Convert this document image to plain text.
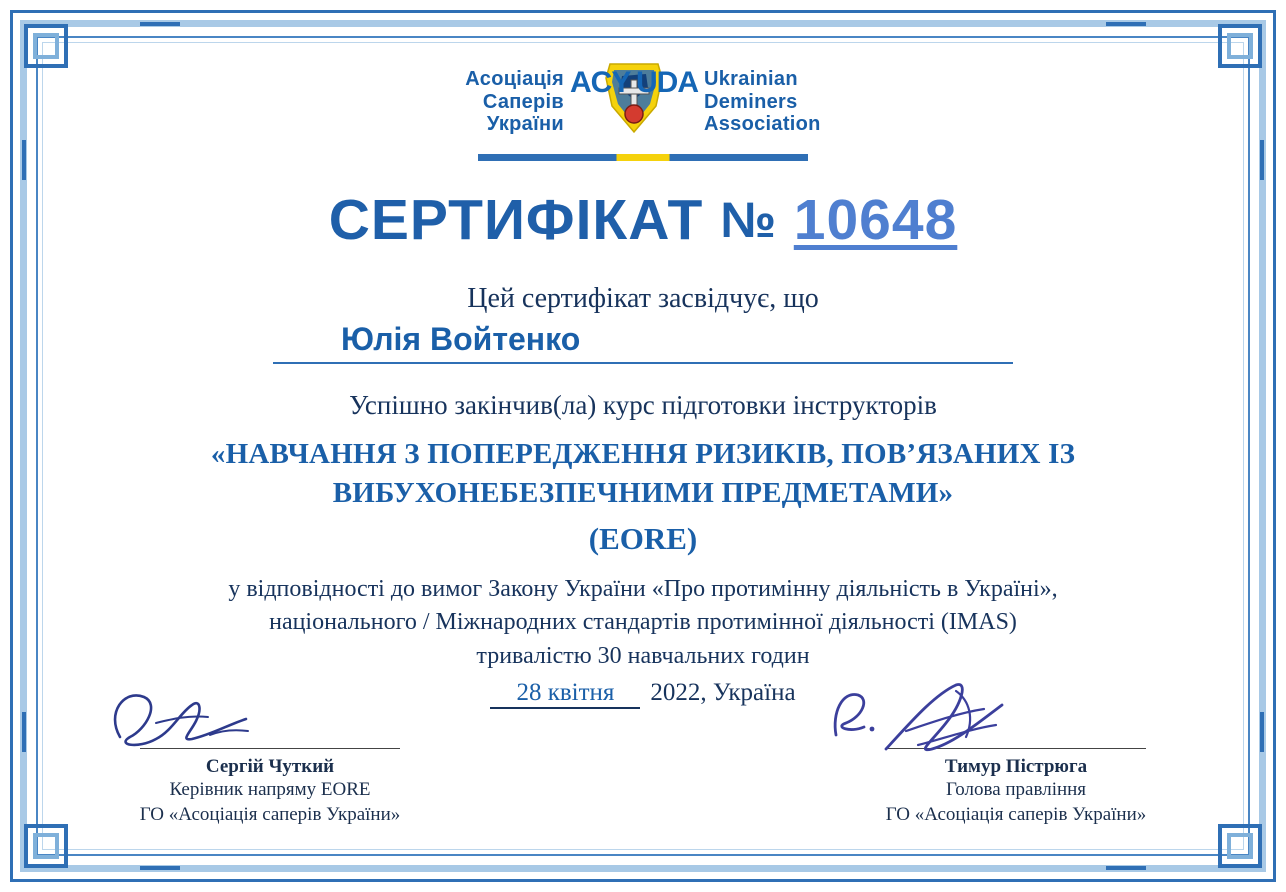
Асоціація
Саперів
України
ACY UDA Ukrainian
Deminers
Association
СЕРТИФІКАТ № 10648
Цей сертифікат засвідчує, що
Юлія Войтенко
Успішно закінчив(ла) курс підготовки інструкторів
«НАВЧАННЯ З ПОПЕРЕДЖЕННЯ РИЗИКІВ, ПОВ’ЯЗАНИХ ІЗ
ВИБУХОНЕБЕЗПЕЧНИМИ ПРЕДМЕТАМИ»
(EORE)
у відповідності до вимог Закону України «Про протимінну діяльність в Україні»,
національного / Міжнародних стандартів протимінної діяльності (IMAS)
тривалістю 30 навчальних годин
28 квітня 2022, Україна
Сергій Чуткий
Керівник напряму EORE
ГО «Асоціація саперів України»
Тимур Пістрюга
Голова правління
ГО «Асоціація саперів України»
